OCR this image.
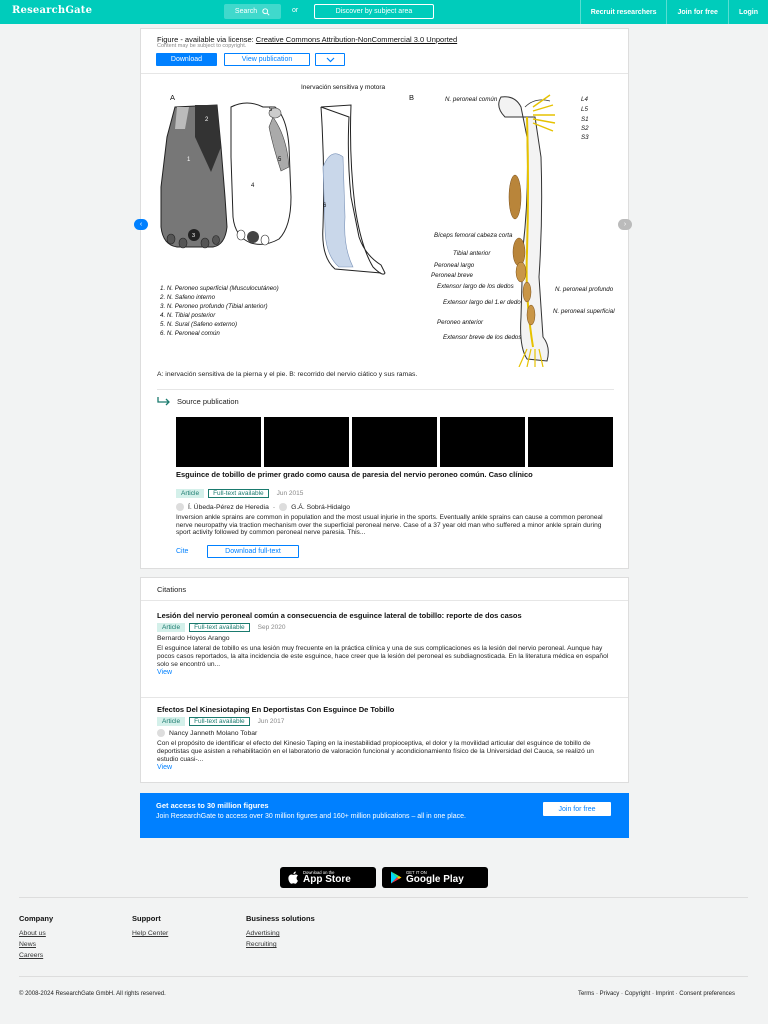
ResearchGate	Search	or	Discover by subject area	Recruit researchers	Join for free	Login
Figure - available via license: Creative Commons Attribution-NonCommercial 3.0 Unported
Content may be subject to copyright.
Download	View publication
Inervación sensitiva y motora
A	B
1
2
3
4
5
5
6
1. N. Peroneo superficial (Musculocutáneo)
2. N. Safeno interno
3. N. Peroneo profundo (Tibial anterior)
4. N. Tibial posterior
5. N. Sural (Safeno externo)
6. N. Peroneal común
N. peroneal común	L4
L5
S1
S2
S3
Bíceps femoral cabeza corta
Tibial anterior
Peroneal largo
Peroneal breve
Extensor largo de los dedos
Extensor largo del 1.er dedo
Peroneo anterior
Extensor breve de los dedos
N. peroneal profundo
N. peroneal superficial
‹	›
A: inervación sensitiva de la pierna y el pie. B: recorrido del nervio ciático y sus ramas.
Source publication
Esguince de tobillo de primer grado como causa de paresia del nervio peroneo común. Caso clínico
Article	Full-text available	Jun 2015
Í. Úbeda-Pérez de Heredia · G.Á. Sobrá-Hidalgo
Inversion ankle sprains are common in population and the most usual injurie in the sports. Eventually ankle sprains can cause a common peroneal nerve neuropathy via traction mechanism over the superficial peroneal nerve. Case of a 37 year old man who suffered a minor ankle sprain during sport activity followed by common peroneal nerve paresia. This...
Cite	Download full-text
Citations
Lesión del nervio peroneal común a consecuencia de esguince lateral de tobillo: reporte de dos casos
Article	Full-text available	Sep 2020
Bernardo Hoyos Arango
El esguince lateral de tobillo es una lesión muy frecuente en la práctica clínica y una de sus complicaciones es la lesión del nervio peroneal. Aunque hay pocos casos reportados, la alta incidencia de este esguince, hace creer que la lesión del peroneal es subdiagnosticada. En la literatura médica en español solo se encontró un...
View
Efectos Del Kinesiotaping En Deportistas Con Esguince De Tobillo
Article	Full-text available	Jun 2017
Nancy Janneth Molano Tobar
Con el propósito de identificar el efecto del Kinesio Taping en la inestabilidad propioceptiva, el dolor y la movilidad articular del esguince de tobillo de deportistas que asisten a rehabilitación en el laboratorio de valoración funcional y acondicionamiento físico de la Universidad del Cauca, se realizó un estudio cuasi-...
View
Get access to 30 million figures
Join ResearchGate to access over 30 million figures and 160+ million publications – all in one place.
Join for free
Download on the
App Store
GET IT ON
Google Play
Company
About us
News
Careers
Support
Help Center
Business solutions
Advertising
Recruiting
© 2008-2024 ResearchGate GmbH. All rights reserved.	Terms · Privacy · Copyright · Imprint · Consent preferences
